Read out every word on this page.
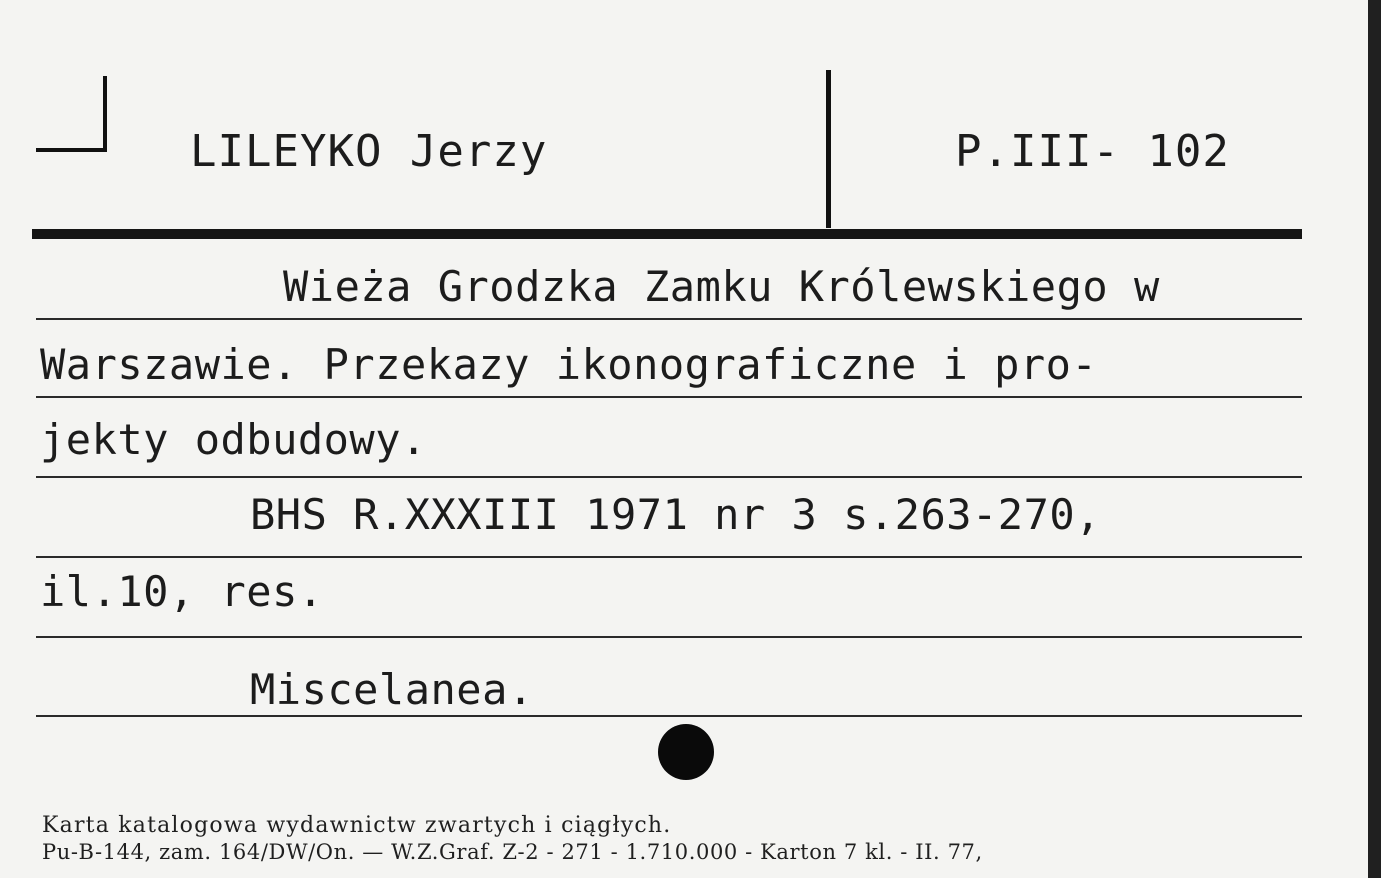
LILEYKO Jerzy	P.III- 102
Wieża Grodzka Zamku Królewskiego w
Warszawie. Przekazy ikonograficzne i pro-
jekty odbudowy.
BHS R.XXXIII 1971 nr 3 s.263-270,
il.10, res.
Miscelanea.
Karta katalogowa wydawnictw zwartych i ciągłych.
Pu-B-144, zam. 164/DW/On. — W.Z.Graf. Z-2 - 271 - 1.710.000 - Karton 7 kl. - II. 77,
